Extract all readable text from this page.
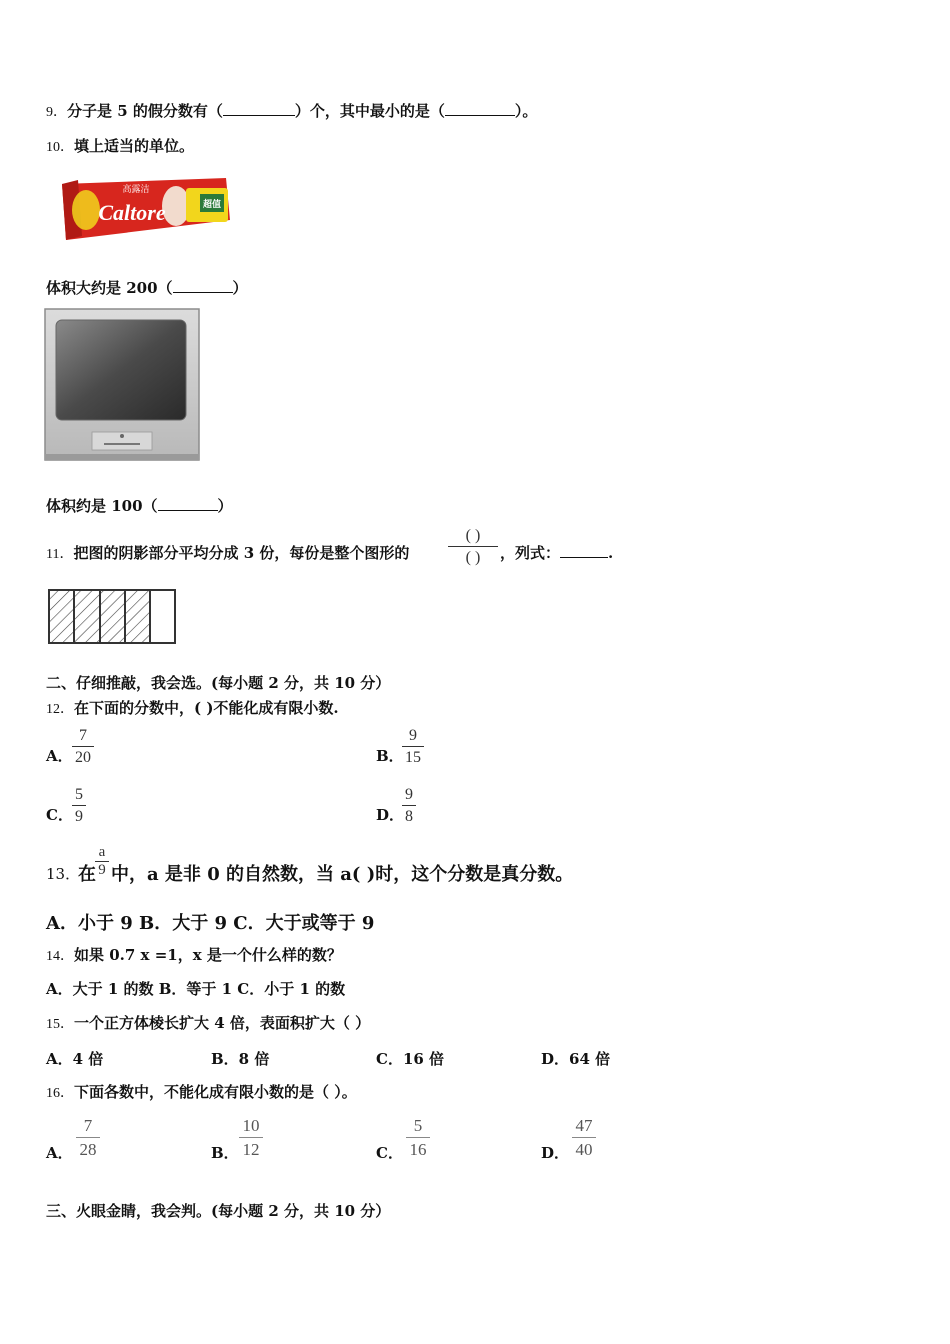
9．分子是 5 的假分数有（	）个，其中最小的是（	）。
10．填上适当的单位。
高露洁
Caltore	超值
体积大约是 200（	）
体积约是 100（	）
11．把图的阴影部分平均分成 3 份，每份是整个图形的
( )
( )	，列式：	.
二、仔细推敲，我会选。(每小题 2 分，共 10 分）
12．在下面的分数中，( )不能化成有限小数.
A．
7
20	B．
9
15
C．
5
9	D．
9
8
13．
在
a
9 中，a 是非 0 的自然数，当 a( )时，这个分数是真分数。
A．小于 9 B．大于 9 C．大于或等于 9
14．如果 0.7 x =1，x 是一个什么样的数？
A．大于 1 的数 B．等于 1 C．小于 1 的数
15．一个正方体棱长扩大 4 倍，表面积扩大（ ）
A．4 倍	B．8 倍	C．16 倍	D．64 倍
16．下面各数中，不能化成有限小数的是（ ）。
A．
7
28	B．
10
12	C．
5
16	D．
47
40
三、火眼金睛，我会判。(每小题 2 分，共 10 分）
